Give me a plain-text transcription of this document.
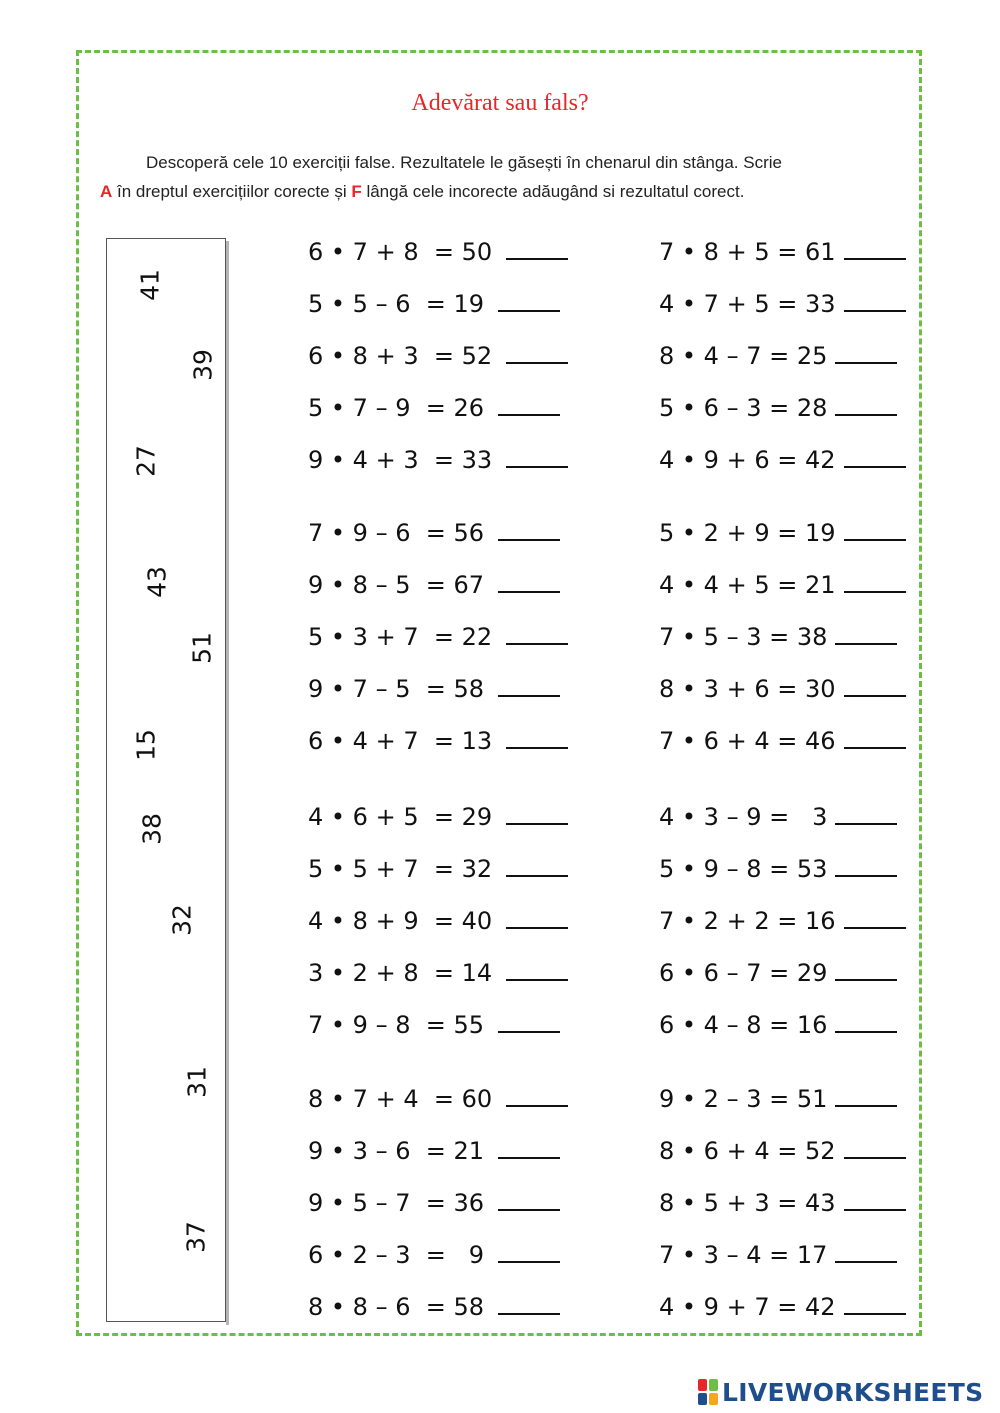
Adevărat sau fals?
Descoperă cele 10 exerciții false. Rezultatele le găsești în chenarul din stânga. Scrie
A în dreptul exercițiilor corecte și F lângă cele incorecte adăugând si rezultatul corect.
41
39
27
43
51
15
38
32
31
37
6 • 7 + 8  = 50
5 • 5 – 6  = 19
6 • 8 + 3  = 52
5 • 7 – 9  = 26
9 • 4 + 3  = 33
7 • 9 – 6  = 56
9 • 8 – 5  = 67
5 • 3 + 7  = 22
9 • 7 – 5  = 58
6 • 4 + 7  = 13
4 • 6 + 5  = 29
5 • 5 + 7  = 32
4 • 8 + 9  = 40
3 • 2 + 8  = 14
7 • 9 – 8  = 55
8 • 7 + 4  = 60
9 • 3 – 6  = 21
9 • 5 – 7  = 36
6 • 2 – 3  =   9
8 • 8 – 6  = 58
7 • 8 + 5 = 61
4 • 7 + 5 = 33
8 • 4 – 7 = 25
5 • 6 – 3 = 28
4 • 9 + 6 = 42
5 • 2 + 9 = 19
4 • 4 + 5 = 21
7 • 5 – 3 = 38
8 • 3 + 6 = 30
7 • 6 + 4 = 46
4 • 3 – 9 =   3
5 • 9 – 8 = 53
7 • 2 + 2 = 16
6 • 6 – 7 = 29
6 • 4 – 8 = 16
9 • 2 – 3 = 51
8 • 6 + 4 = 52
8 • 5 + 3 = 43
7 • 3 – 4 = 17
4 • 9 + 7 = 42
LIVEWORKSHEETS
